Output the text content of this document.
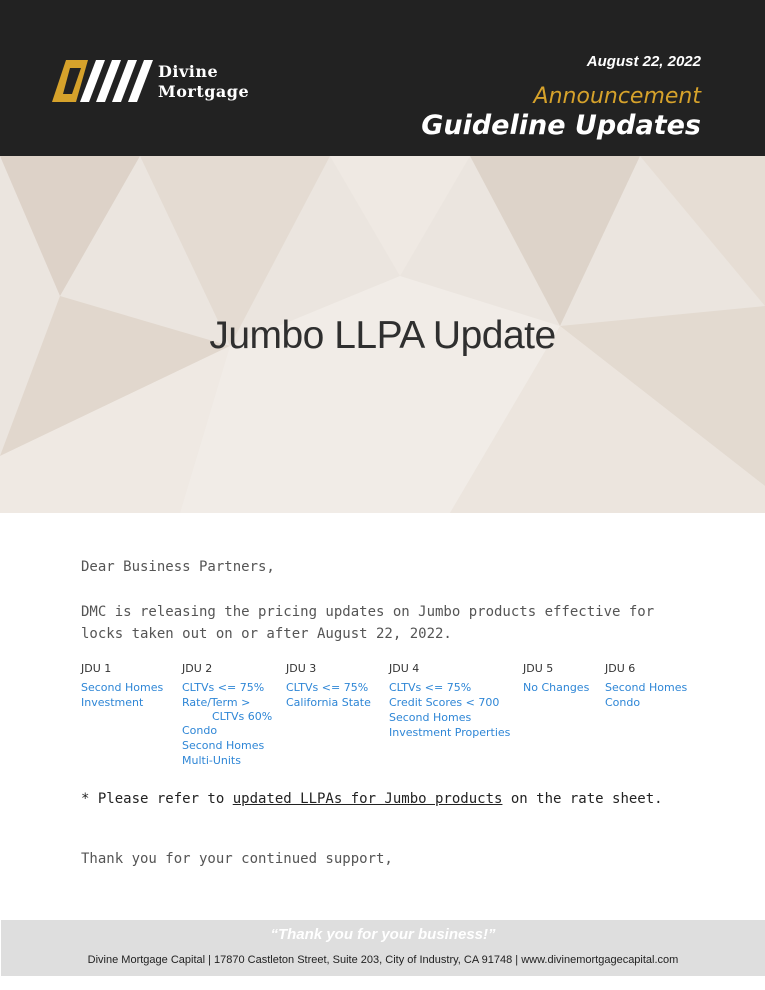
Divine
Mortgage
August 22, 2022
Announcement
Guideline Updates
Jumbo LLPA Update
Dear Business Partners,
DMC is releasing the pricing updates on Jumbo products effective for locks taken out on or after August 22, 2022.
JDU 1
Second Homes
Investment
JDU 2
CLTVs <= 75%
Rate/Term >
CLTVs 60%
Condo
Second Homes
Multi-Units
JDU 3
CLTVs <= 75%
California State
JDU 4
CLTVs <= 75%
Credit Scores < 700
Second Homes
Investment Properties
JDU 5
No Changes
JDU 6
Second Homes
Condo
* Please refer to updated LLPAs for Jumbo products on the rate sheet.
Thank you for your continued support,
“Thank you for your business!”
Divine Mortgage Capital | 17870 Castleton Street, Suite 203, City of Industry, CA 91748 | www.divinemortgagecapital.com
